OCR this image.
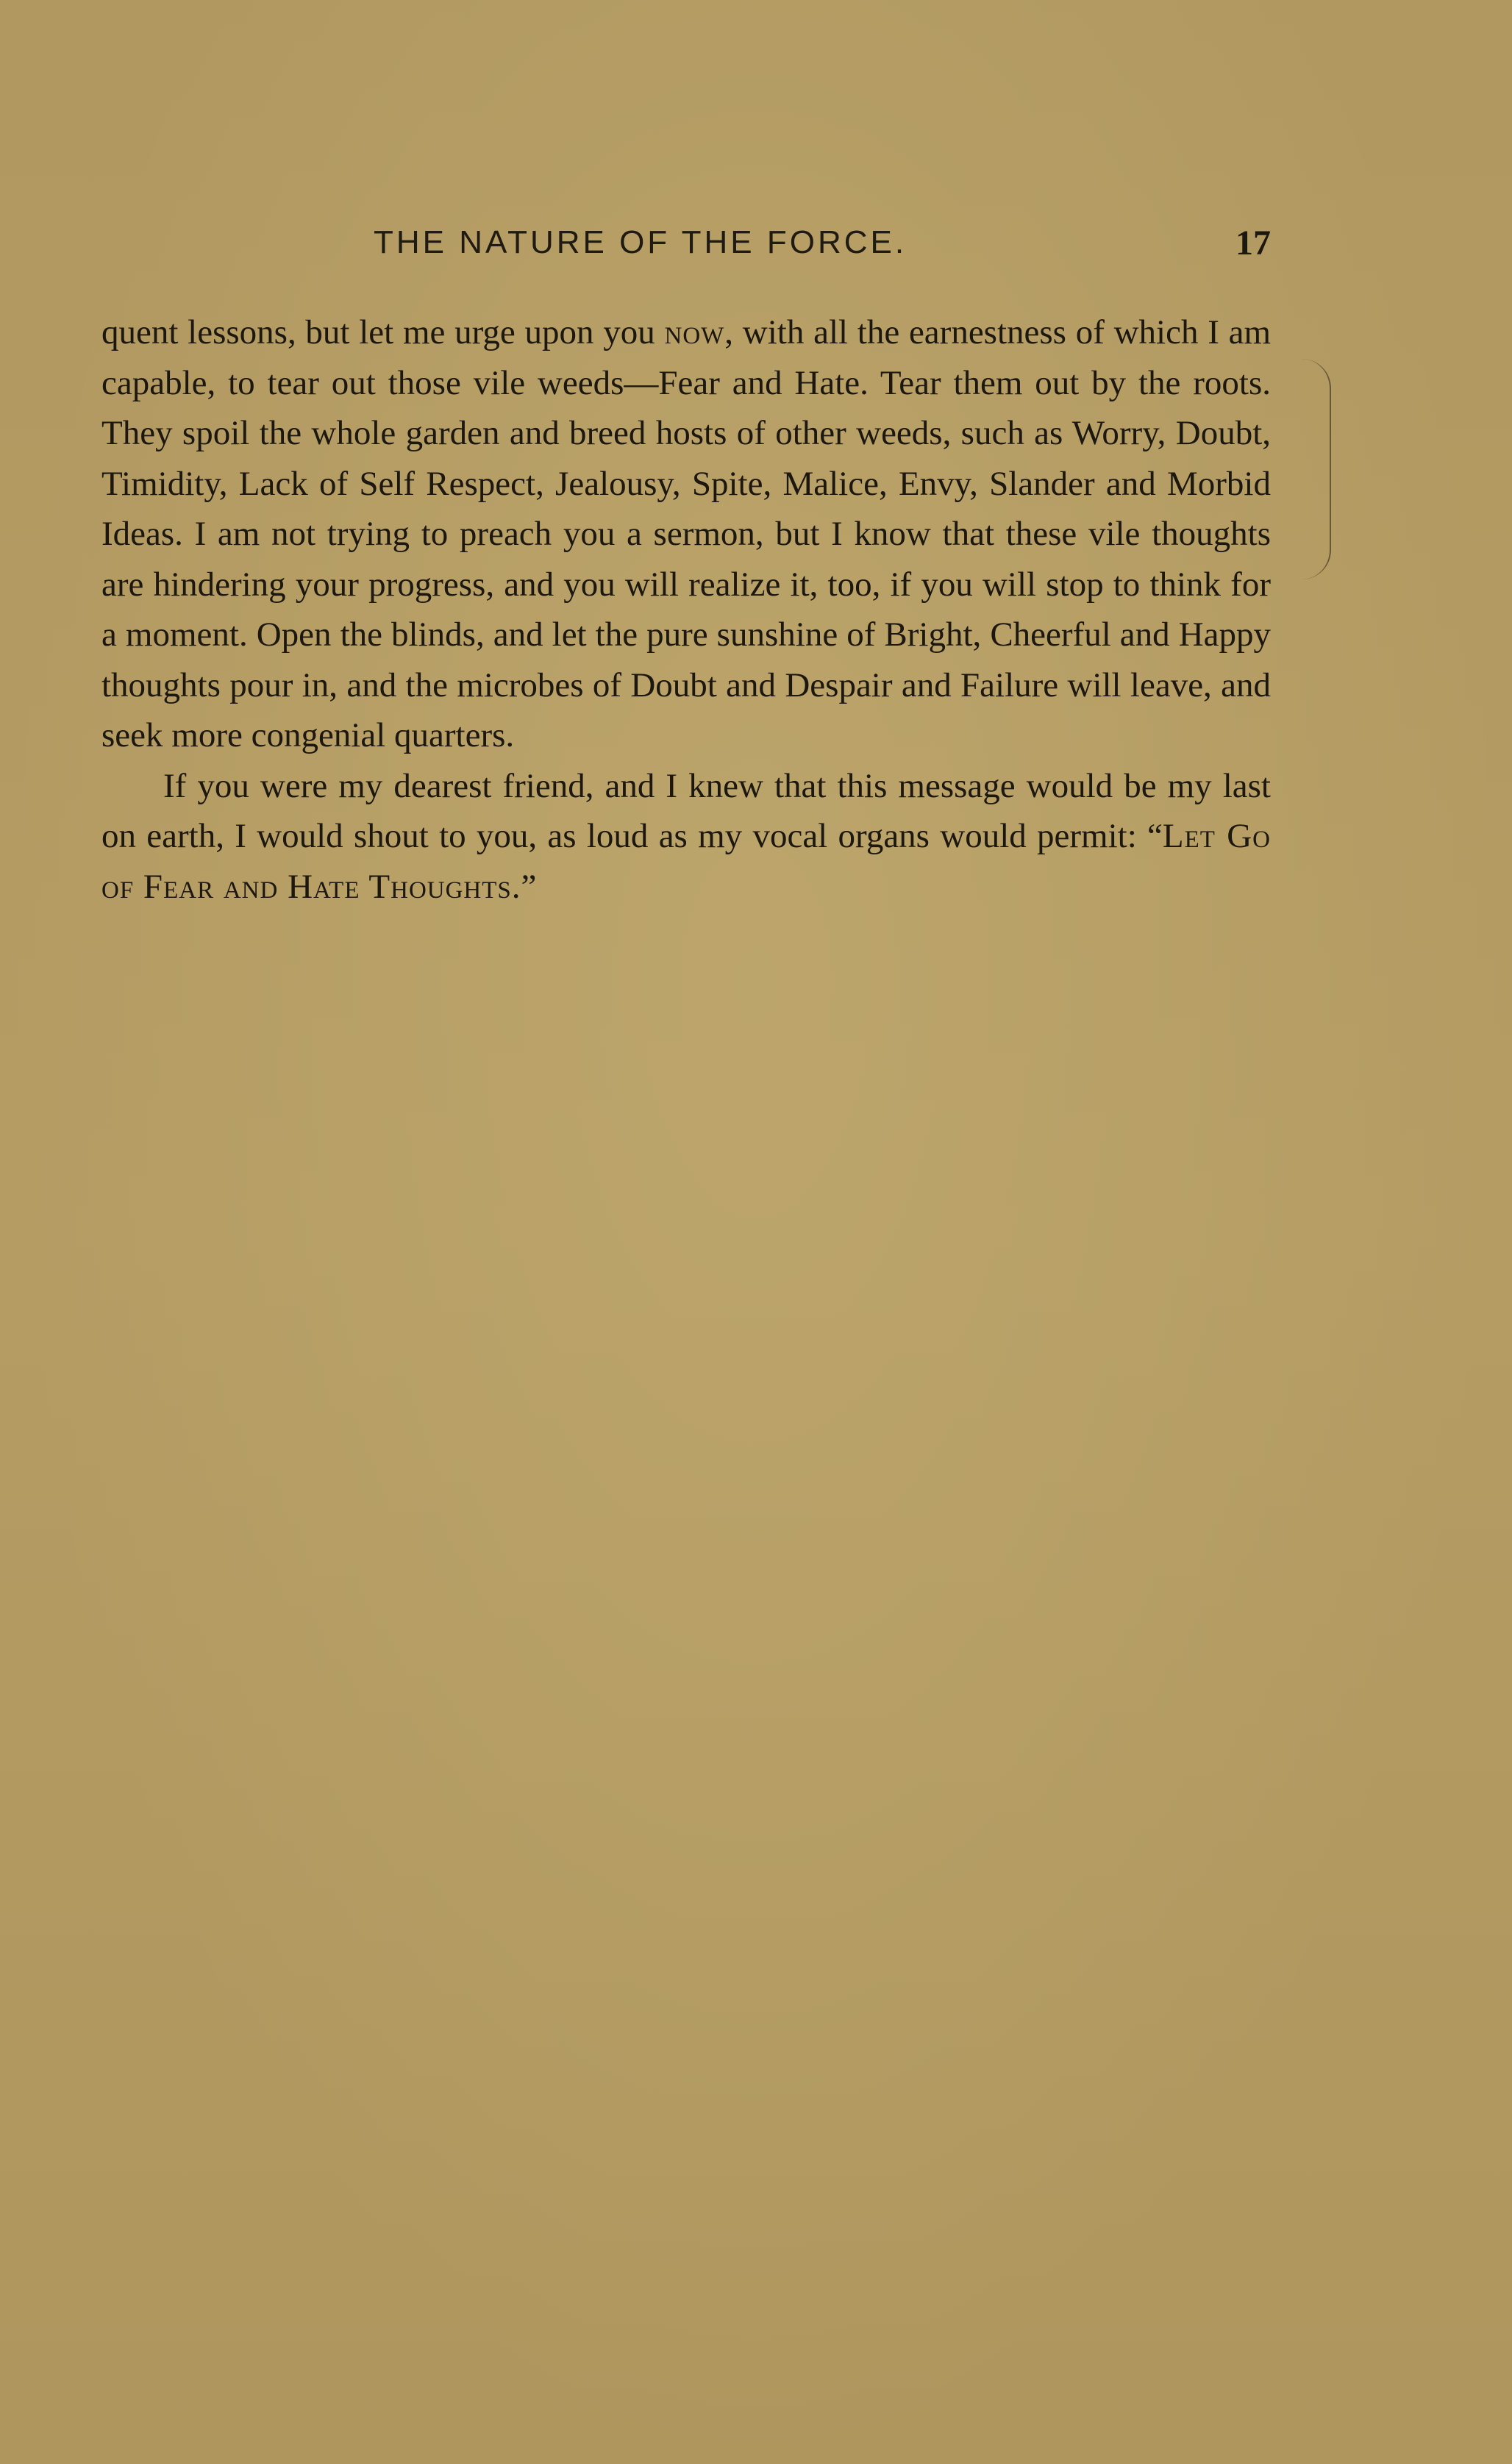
THE NATURE OF THE FORCE.	17

quent lessons, but let me urge upon you now, with all the earnestness of which I am capable, to tear out those vile weeds—Fear and Hate. Tear them out by the roots. They spoil the whole garden and breed hosts of other weeds, such as Worry, Doubt, Timidity, Lack of Self Respect, Jealousy, Spite, Malice, Envy, Slander and Morbid Ideas. I am not trying to preach you a sermon, but I know that these vile thoughts are hindering your progress, and you will realize it, too, if you will stop to think for a moment. Open the blinds, and let the pure sunshine of Bright, Cheerful and Happy thoughts pour in, and the microbes of Doubt and Despair and Failure will leave, and seek more congenial quarters.

If you were my dearest friend, and I knew that this message would be my last on earth, I would shout to you, as loud as my vocal organs would permit: “Let Go of Fear and Hate Thoughts.”
